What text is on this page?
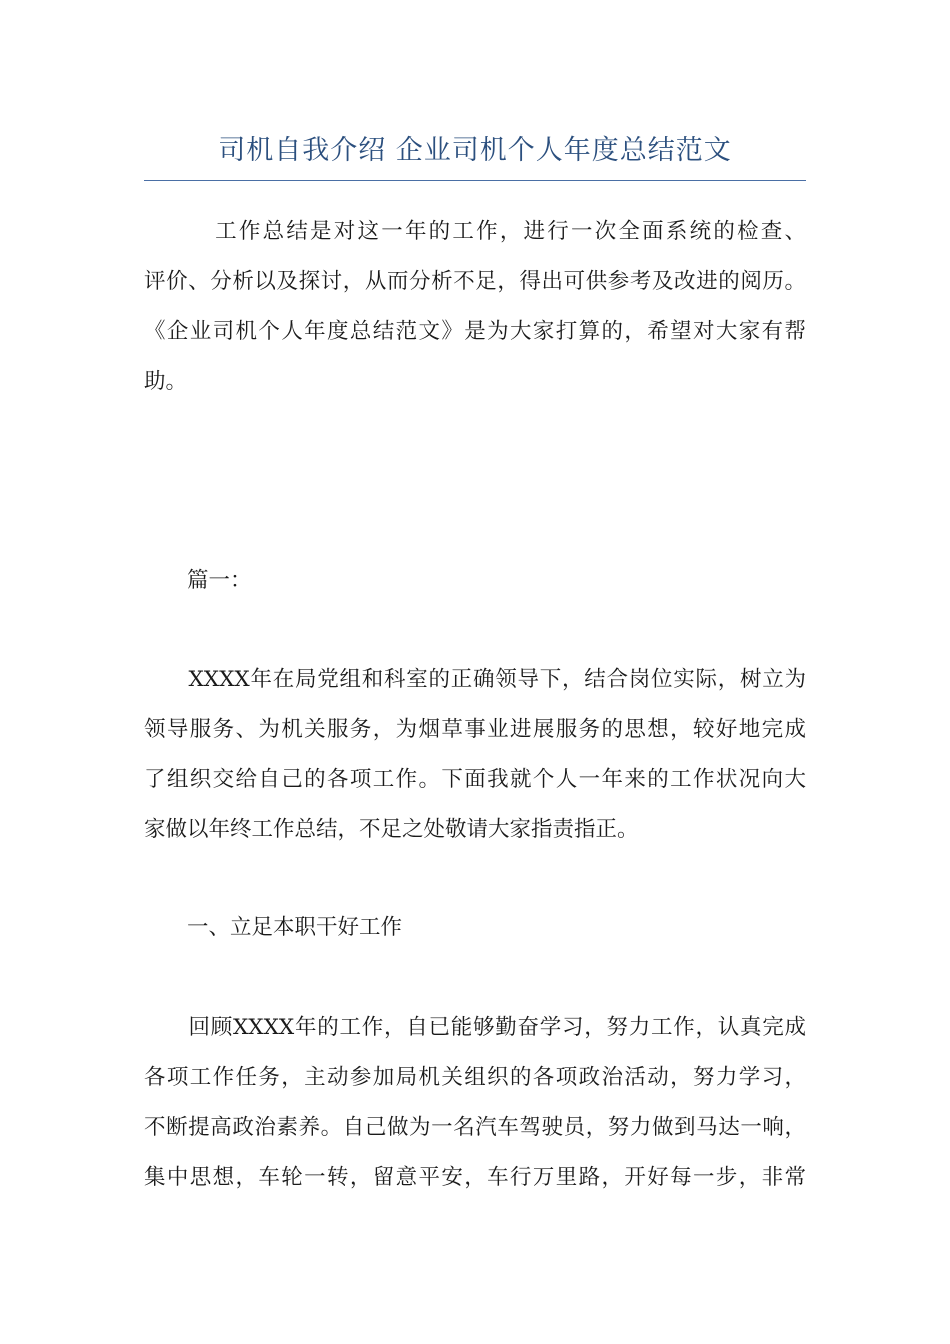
司机自我介绍 企业司机个人年度总结范文
　　　工作总结是对这一年的工作，进行一次全面系统的检查、
评价、分析以及探讨，从而分析不足，得出可供参考及改进的阅历。
《企业司机个人年度总结范文》是为大家打算的，希望对大家有帮
助。
　　篇一：
　　XXXX年在局党组和科室的正确领导下，结合岗位实际，树立为
领导服务、为机关服务，为烟草事业进展服务的思想，较好地完成
了组织交给自己的各项工作。下面我就个人一年来的工作状况向大
家做以年终工作总结，不足之处敬请大家指责指正。
　　一、立足本职干好工作
　　回顾XXXX年的工作，自已能够勤奋学习，努力工作，认真完成
各项工作任务，主动参加局机关组织的各项政治活动，努力学习，
不断提高政治素养。自己做为一名汽车驾驶员，努力做到马达一响，
集中思想，车轮一转，留意平安，车行万里路，开好每一步，非常
